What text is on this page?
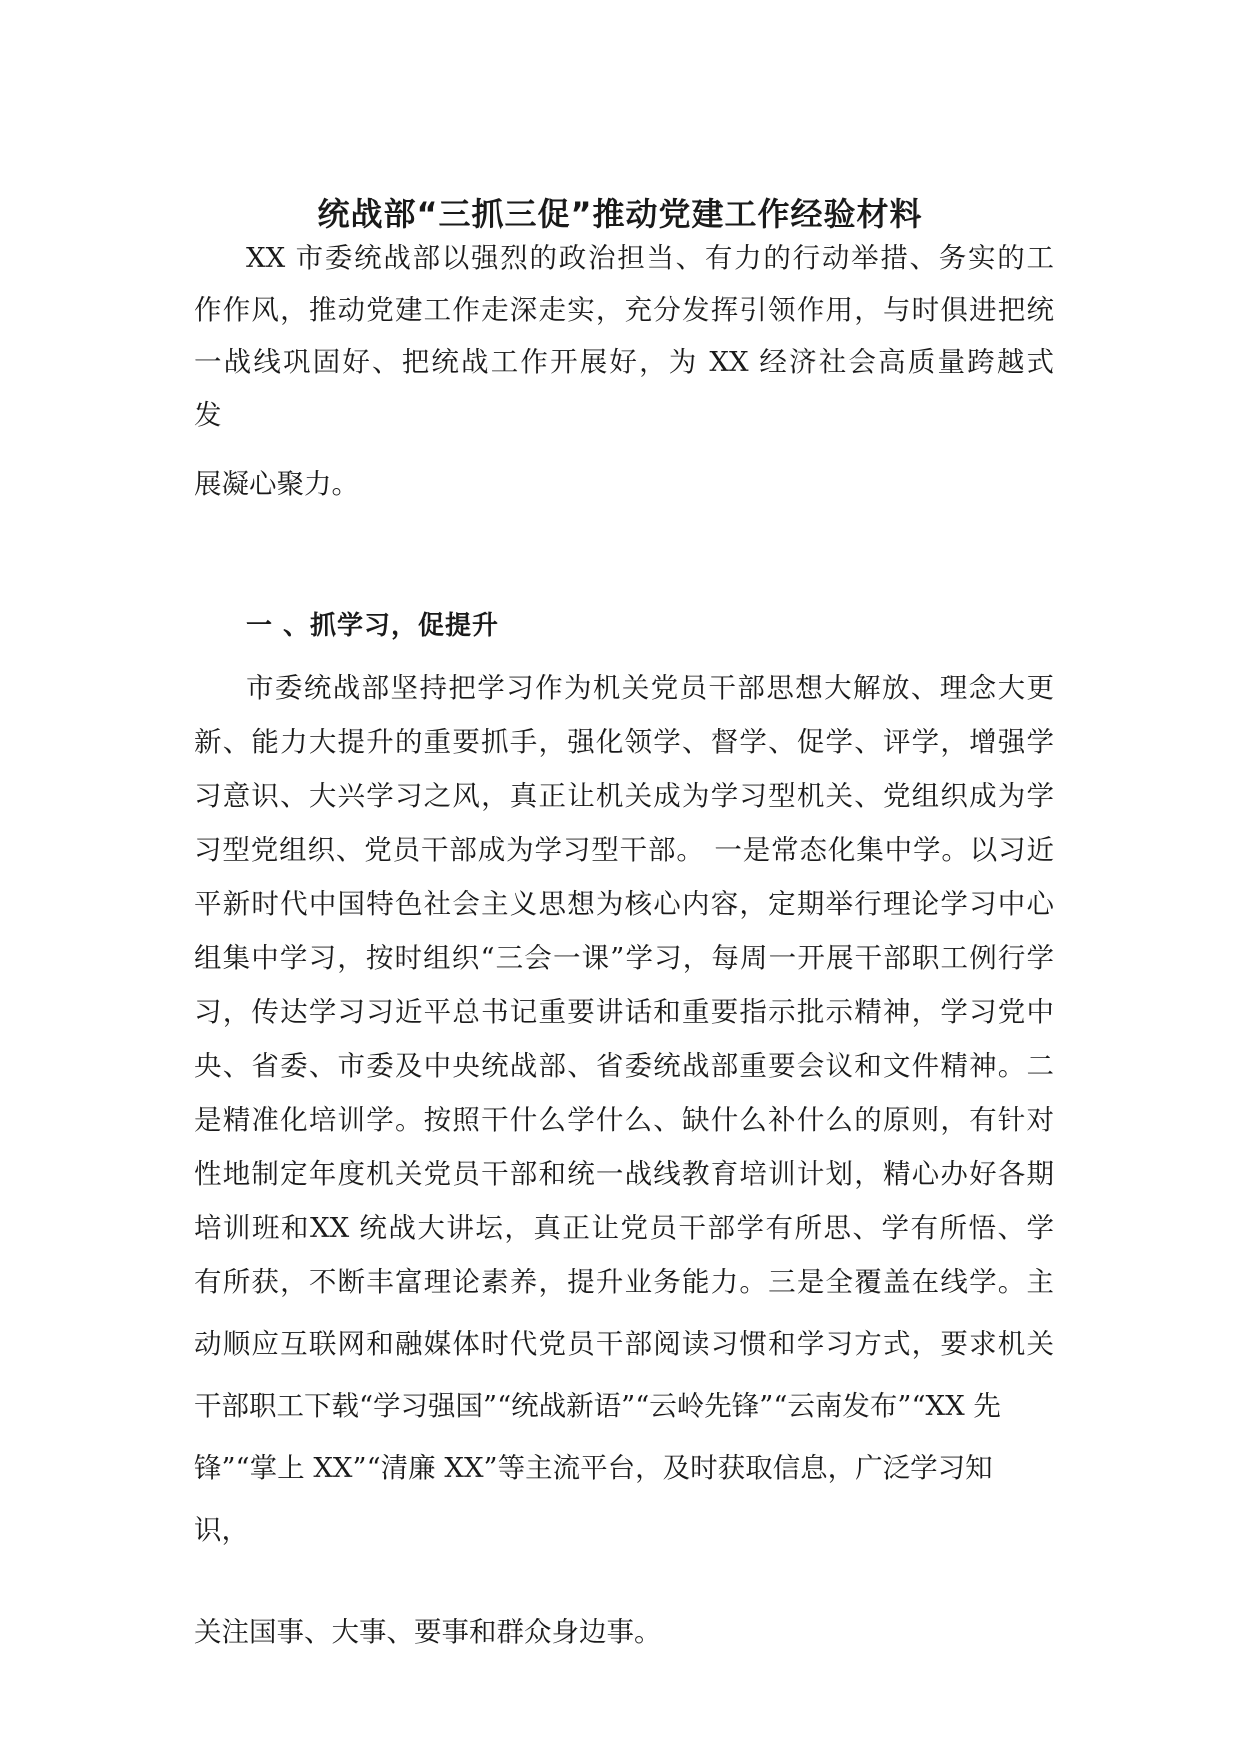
统战部“三抓三促”推动党建工作经验材料
XX 市委统战部以强烈的政治担当、有力的行动举措、务实的工
作作风，推动党建工作走深走实，充分发挥引领作用，与时俱进把统
一战线巩固好、把统战工作开展好，为 XX 经济社会高质量跨越式
发
展凝心聚力。
一 、抓学习，促提升
市委统战部坚持把学习作为机关党员干部思想大解放、理念大更
新、能力大提升的重要抓手，强化领学、督学、促学、评学，增强学
习意识、大兴学习之风，真正让机关成为学习型机关、党组织成为学
习型党组织、党员干部成为学习型干部。 一是常态化集中学。以习近
平新时代中国特色社会主义思想为核心内容，定期举行理论学习中心
组集中学习，按时组织“三会一课”学习，每周一开展干部职工例行学
习，传达学习习近平总书记重要讲话和重要指示批示精神，学习党中
央、省委、市委及中央统战部、省委统战部重要会议和文件精神。二
是精准化培训学。按照干什么学什么、缺什么补什么的原则，有针对
性地制定年度机关党员干部和统一战线教育培训计划，精心办好各期
培训班和XX 统战大讲坛，真正让党员干部学有所思、学有所悟、学
有所获，不断丰富理论素养，提升业务能力。三是全覆盖在线学。主
动顺应互联网和融媒体时代党员干部阅读习惯和学习方式，要求机关
干部职工下载“学习强国”“统战新语”“云岭先锋”“云南发布”“XX 先
锋”“掌上 XX”“清廉 XX”等主流平台，及时获取信息，广泛学习知
识，
关注国事、大事、要事和群众身边事。
